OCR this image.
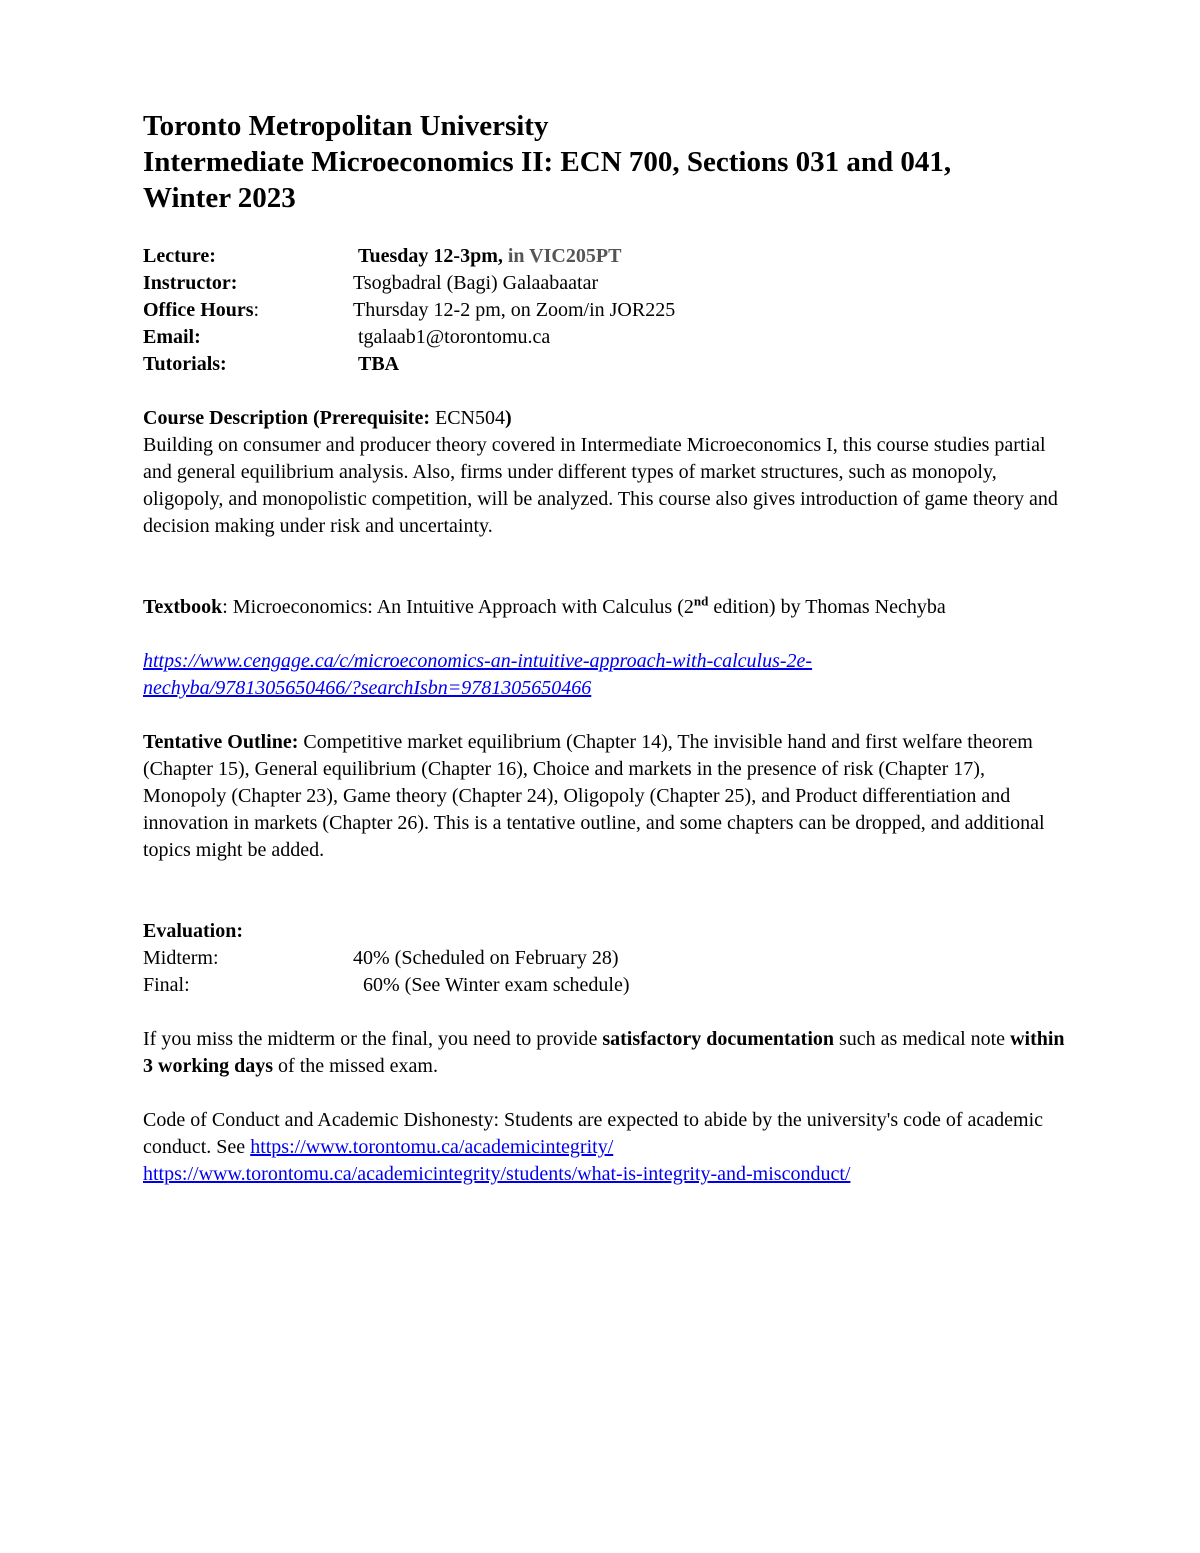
Toronto Metropolitan University
Intermediate Microeconomics II: ECN 700, Sections 031 and 041,
Winter 2023
Lecture:	Tuesday 12-3pm, in VIC205PT
Instructor:	Tsogbadral (Bagi) Galaabaatar
Office Hours:	Thursday 12-2 pm, on Zoom/in JOR225
Email:	tgalaab1@torontomu.ca
Tutorials:	TBA

Course Description (Prerequisite: ECN504)

Building on consumer and producer theory covered in Intermediate Microeconomics I, this course studies partial and general equilibrium analysis. Also, firms under different types of market structures, such as monopoly, oligopoly, and monopolistic competition, will be analyzed. This course also gives introduction of game theory and decision making under risk and uncertainty.

Textbook: Microeconomics: An Intuitive Approach with Calculus (2nd edition) by Thomas Nechyba

https://www.cengage.ca/c/microeconomics-an-intuitive-approach-with-calculus-2e-
nechyba/9781305650466/?searchIsbn=9781305650466

Tentative Outline: Competitive market equilibrium (Chapter 14), The invisible hand and first welfare theorem (Chapter 15), General equilibrium (Chapter 16), Choice and markets in the presence of risk (Chapter 17), Monopoly (Chapter 23), Game theory (Chapter 24), Oligopoly (Chapter 25), and Product differentiation and innovation in markets (Chapter 26). This is a tentative outline, and some chapters can be dropped, and additional topics might be added.

Evaluation:

Midterm:	40% (Scheduled on February 28)
Final:	60% (See Winter exam schedule)

If you miss the midterm or the final, you need to provide satisfactory documentation such as medical note within 3 working days of the missed exam.

Code of Conduct and Academic Dishonesty: Students are expected to abide by the university's code of academic conduct. See https://www.torontomu.ca/academicintegrity/
https://www.torontomu.ca/academicintegrity/students/what-is-integrity-and-misconduct/
